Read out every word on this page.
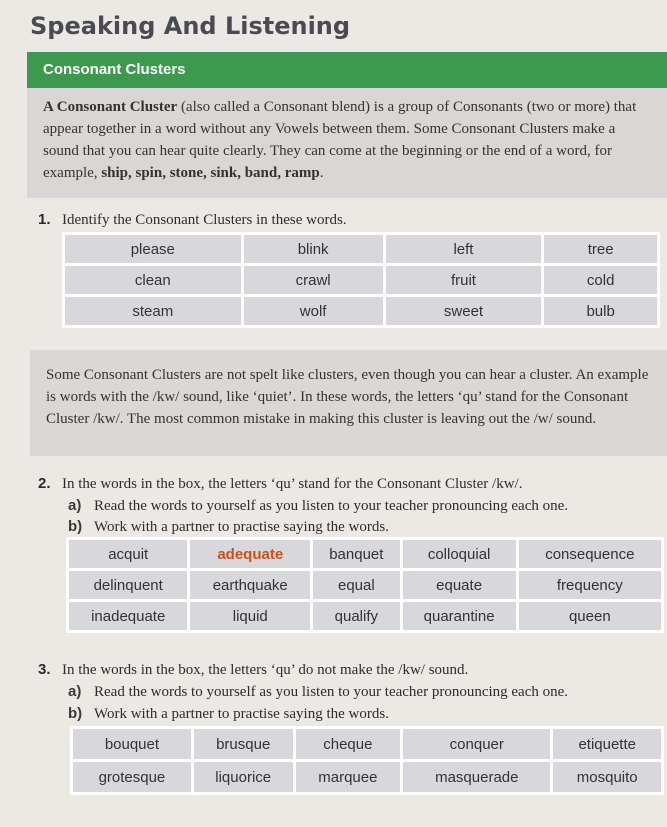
Speaking And Listening
Consonant Clusters
A Consonant Cluster (also called a Consonant blend) is a group of Consonants (two or more) that appear together in a word without any Vowels between them. Some Consonant Clusters make a sound that you can hear quite clearly. They can come at the beginning or the end of a word, for example, ship, spin, stone, sink, band, ramp.
1. Identify the Consonant Clusters in these words.
please	blink	left	tree
clean	crawl	fruit	cold
steam	wolf	sweet	bulb
Some Consonant Clusters are not spelt like clusters, even though you can hear a cluster. An example is words with the /kw/ sound, like ‘quiet’. In these words, the letters ‘qu’ stand for the Consonant Cluster /kw/. The most common mistake in making this cluster is leaving out the /w/ sound.
2. In the words in the box, the letters ‘qu’ stand for the Consonant Cluster /kw/.
a) Read the words to yourself as you listen to your teacher pronouncing each one.
b) Work with a partner to practise saying the words.
acquit	adequate	banquet	colloquial	consequence
delinquent	earthquake	equal	equate	frequency
inadequate	liquid	qualify	quarantine	queen
3. In the words in the box, the letters ‘qu’ do not make the /kw/ sound.
a) Read the words to yourself as you listen to your teacher pronouncing each one.
b) Work with a partner to practise saying the words.
bouquet	brusque	cheque	conquer	etiquette
grotesque	liquorice	marquee	masquerade	mosquito
